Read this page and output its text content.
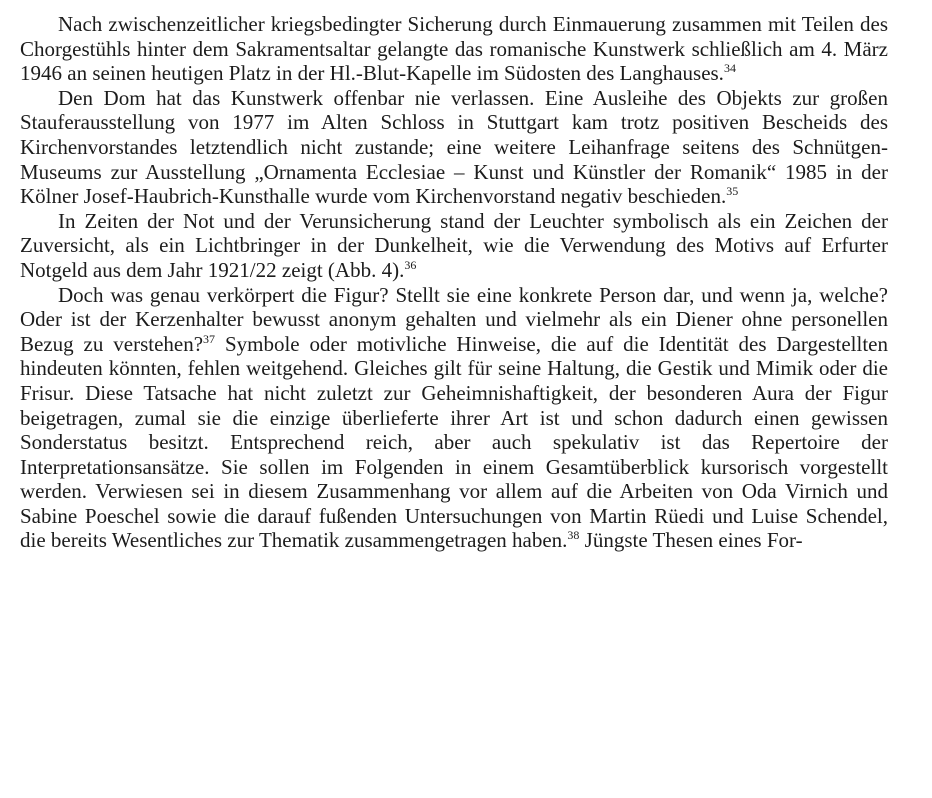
Nach zwischenzeitlicher kriegsbedingter Sicherung durch Einmauerung zusammen mit Teilen des Chorgestühls hinter dem Sakramentsaltar gelangte das romanische Kunstwerk schließlich am 4. März 1946 an seinen heutigen Platz in der Hl.-Blut-Kapelle im Südosten des Langhauses.$^{34}$

Den Dom hat das Kunstwerk offenbar nie verlassen. Eine Ausleihe des Objekts zur großen Stauferausstellung von 1977 im Alten Schloss in Stuttgart kam trotz positiven Bescheids des Kirchenvorstandes letztendlich nicht zustande; eine weitere Leihanfrage seitens des Schnütgen-Museums zur Ausstellung „Ornamenta Ecclesiae – Kunst und Künstler der Romanik“ 1985 in der Kölner Josef-Haubrich-Kunsthalle wurde vom Kirchenvorstand negativ beschieden.$^{35}$

In Zeiten der Not und der Verunsicherung stand der Leuchter symbolisch als ein Zeichen der Zuversicht, als ein Lichtbringer in der Dunkelheit, wie die Verwendung des Motivs auf Erfurter Notgeld aus dem Jahr 1921/22 zeigt (Abb. 4).$^{36}$

Doch was genau verkörpert die Figur? Stellt sie eine konkrete Person dar, und wenn ja, welche? Oder ist der Kerzenhalter bewusst anonym gehalten und vielmehr als ein Diener ohne personellen Bezug zu verstehen?$^{37}$ Symbole oder motivliche Hinweise, die auf die Identität des Dargestellten hindeuten könnten, fehlen weitgehend. Gleiches gilt für seine Haltung, die Gestik und Mimik oder die Frisur. Diese Tatsache hat nicht zuletzt zur Geheimnishaftigkeit, der besonderen Aura der Figur beigetragen, zumal sie die einzige überlieferte ihrer Art ist und schon dadurch einen gewissen Sonderstatus besitzt. Entsprechend reich, aber auch spekulativ ist das Repertoire der Interpretationsansätze. Sie sollen im Folgenden in einem Gesamtüberblick kursorisch vorgestellt werden. Verwiesen sei in diesem Zusammenhang vor allem auf die Arbeiten von Oda Virnich und Sabine Poeschel sowie die darauf fußenden Untersuchungen von Martin Rüedi und Luise Schendel, die bereits Wesentliches zur Thematik zusammengetragen haben.$^{38}$ Jüngste Thesen eines For-
